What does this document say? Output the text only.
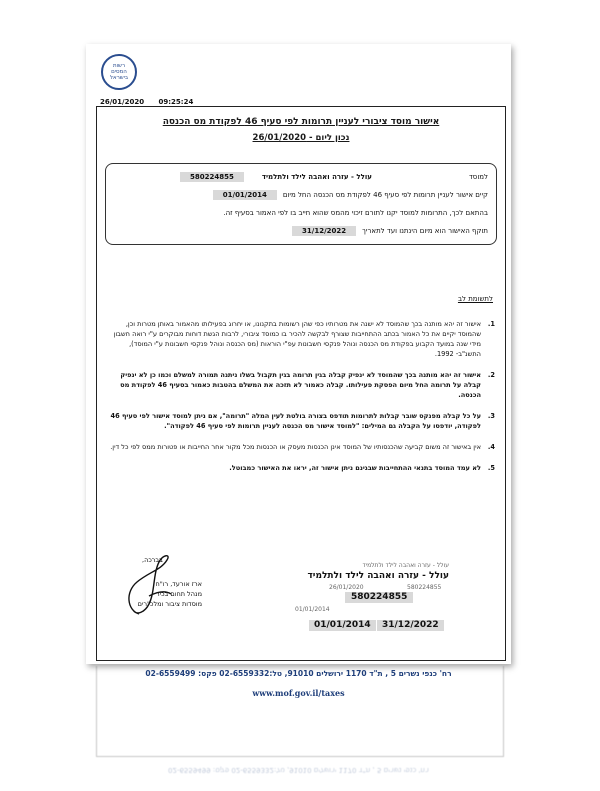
רשות
המסים
בישראל
26/01/2020 09:25:24
אישור מוסד ציבורי לעניין תרומות לפי סעיף 46 לפקודת מס הכנסה
נכון ליום - 26/01/2020
למוסד
עולל - עזרה ואהבה לילד ולתלמיד
580224855
קיים אישור לעניין תרומות לפי סעיף 46 לפקודת מס הכנסה החל מיום
01/01/2014
בהתאם לכך, התרומות למוסד יקנו לתורם זיכוי מהמס שהוא חייב בו לפי האמור בסעיף זה.
תוקף האישור הוא מיום הינתנו ועד לתאריך
31/12/2022
לתשומת לב
1.
אישור זה יהא מותנה בכך שהמוסד לא ישנה את מטרותיו כפי שהן רשומות בתקנונו, או יחרוג בפעילותו מהאמור באותן מטרות וכן, שהמוסד יקיים את כל האמור בכתב ההתחייבות שצורף לבקשה להכיר בו כמוסד ציבורי, לרבות הגשת דוחות מבוקרים ע"י רואה חשבון מידי שנה במועד הקבוע בפקודת מס הכנסה ונוהל פנקסי חשבונות עפ"י הוראות (מס הכנסה ונוהל פנקסי חשבונות ע"י המוסד), התשנ"ב- 1992.
2.
אישור זה יהא מותנה בכך שהמוסד לא ינפיק קבלה בגין תרומה בגין תקבול בשלו ניתנה תמורה למשלם וכמו כן לא ינפיק קבלה על תרומה החל מיום הפסקת פעילותו. קבלה כאמור לא תזכה את המשלם בהטבות כאמור בסעיף 46 לפקודת מס הכנסה.
3.
על כל קבלה מפנקס שובר קבלות לתרומות תודפס בצורה בולטת לעין המלה "תרומה", אם ניתן למוסד אישור לפי סעיף 46 לפקודה, יודפסו על הקבלה גם המילים: "למוסד אישור מס הכנסה לעניין תרומות לפי סעיף 46 לפקודה".
4.
אין באישור זה משום קביעה שהכנסותיו של המוסד אינן הכנסות מעסק או הכנסות מכל מקור אחר החייבות או פטורות ממס לפי כל דין.
5.
לא עמד המוסד בתנאי ההתחייבות שבגינם ניתן אישור זה, יראו את האישור כמבוטל.
בברכה,
ארז אורעד, רו"ח
מנהל תחום בכיר
מוסדות ציבור ומלכ"רים
עולל - עזרה ואהבה לילד ולתלמיד
עולל - עזרה ואהבה לילד ולתלמיד
26/01/2020	580224855
580224855
01/01/2014
01/01/2014	31/12/2022
רח' כנפי נשרים 5 , ת"ד 1170 ירושלים 91010, טל:02-6559332 פקס: 02-6559499
www.mof.gov.il/taxes
רח' כנפי נשרים 5 , ת"ד 1170 ירושלים 91010, טל:02-6559332 פקס: 02-6559499
